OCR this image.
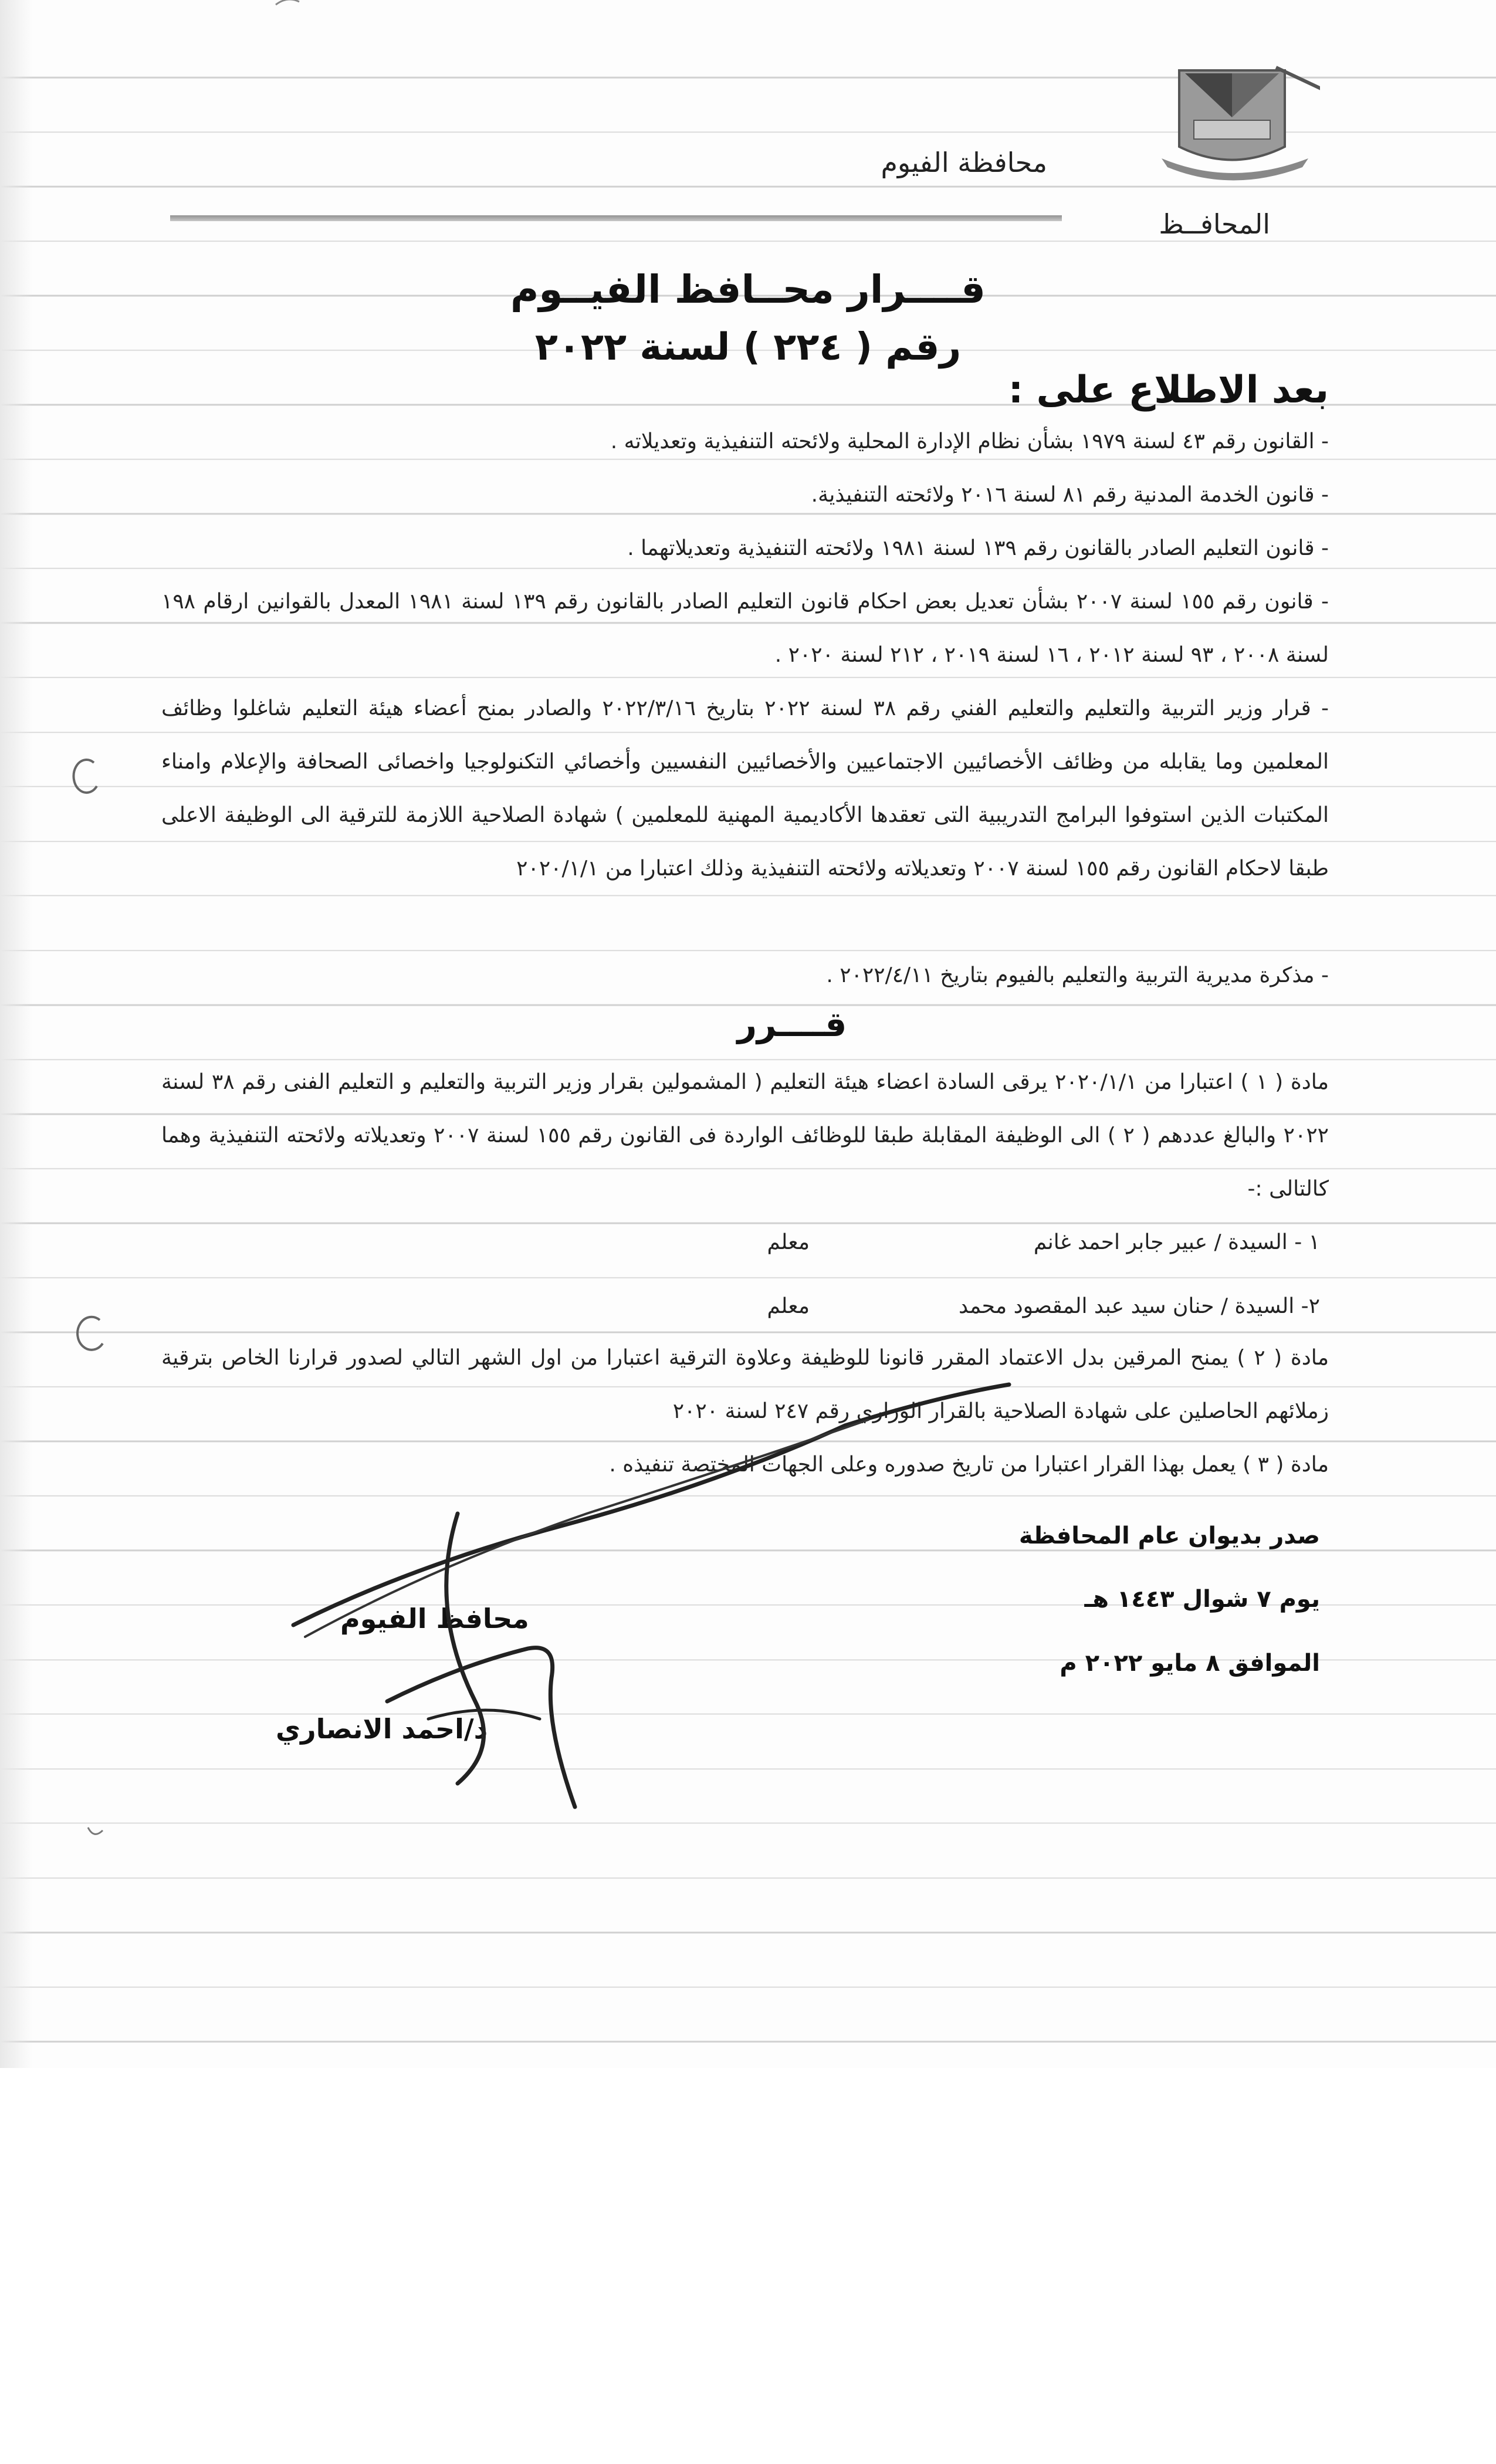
محافظة الفيوم
المحافــظ
قــــرار محــافظ الفيــوم
رقم ( ٢٢٤ ) لسنة ٢٠٢٢
بعد الاطلاع على :
- القانون رقم ٤٣ لسنة ١٩٧٩ بشأن نظام الإدارة المحلية ولائحته التنفيذية وتعديلاته .
- قانون الخدمة المدنية رقم ٨١ لسنة ٢٠١٦ ولائحته التنفيذية.
- قانون التعليم الصادر بالقانون رقم ١٣٩ لسنة ١٩٨١ ولائحته التنفيذية وتعديلاتهما .
- قانون رقم ١٥٥ لسنة ٢٠٠٧ بشأن تعديل بعض احكام قانون التعليم الصادر بالقانون رقم ١٣٩ لسنة ١٩٨١ المعدل بالقوانين ارقام ١٩٨ لسنة ٢٠٠٨ ، ٩٣ لسنة ٢٠١٢ ، ١٦ لسنة ٢٠١٩ ، ٢١٢ لسنة ٢٠٢٠ .
- قرار وزير التربية والتعليم والتعليم الفني رقم ٣٨ لسنة ٢٠٢٢ بتاريخ ٢٠٢٢/٣/١٦ والصادر بمنح أعضاء هيئة التعليم شاغلوا وظائف المعلمين وما يقابله من وظائف الأخصائيين الاجتماعيين والأخصائيين النفسيين وأخصائي التكنولوجيا واخصائى الصحافة والإعلام وامناء المكتبات الذين استوفوا البرامج التدريبية التى تعقدها الأكاديمية المهنية للمعلمين ) شهادة الصلاحية اللازمة للترقية الى الوظيفة الاعلى طبقا لاحكام القانون رقم ١٥٥ لسنة ٢٠٠٧ وتعديلاته ولائحته التنفيذية وذلك اعتبارا من ٢٠٢٠/١/١
- مذكرة مديرية التربية والتعليم بالفيوم بتاريخ ٢٠٢٢/٤/١١ .
قــــرر
مادة ( ١ ) اعتبارا من ٢٠٢٠/١/١ يرقى السادة اعضاء هيئة التعليم ( المشمولين بقرار وزير التربية والتعليم و التعليم الفنى رقم ٣٨ لسنة ٢٠٢٢ والبالغ عددهم ( ٢ ) الى الوظيفة المقابلة طبقا للوظائف الواردة فى القانون رقم ١٥٥ لسنة ٢٠٠٧ وتعديلاته ولائحته التنفيذية وهما كالتالى :-
١ - السيدة / عبير جابر احمد غانم
معلم
٢- السيدة / حنان سيد عبد المقصود محمد
معلم
مادة ( ٢ ) يمنح المرقين بدل الاعتماد المقرر قانونا للوظيفة وعلاوة الترقية اعتبارا من اول الشهر التالي لصدور قرارنا الخاص بترقية زملائهم الحاصلين على شهادة الصلاحية بالقرار الوزاري رقم ٢٤٧ لسنة ٢٠٢٠
مادة ( ٣ ) يعمل بهذا القرار اعتبارا من تاريخ صدوره وعلى الجهات المختصة تنفيذه .
صدر بديوان عام المحافظة
يوم ٧ شوال ١٤٤٣ هـ
الموافق ٨ مايو ٢٠٢٢ م
محافظ الفيوم
د/احمد الانصاري
